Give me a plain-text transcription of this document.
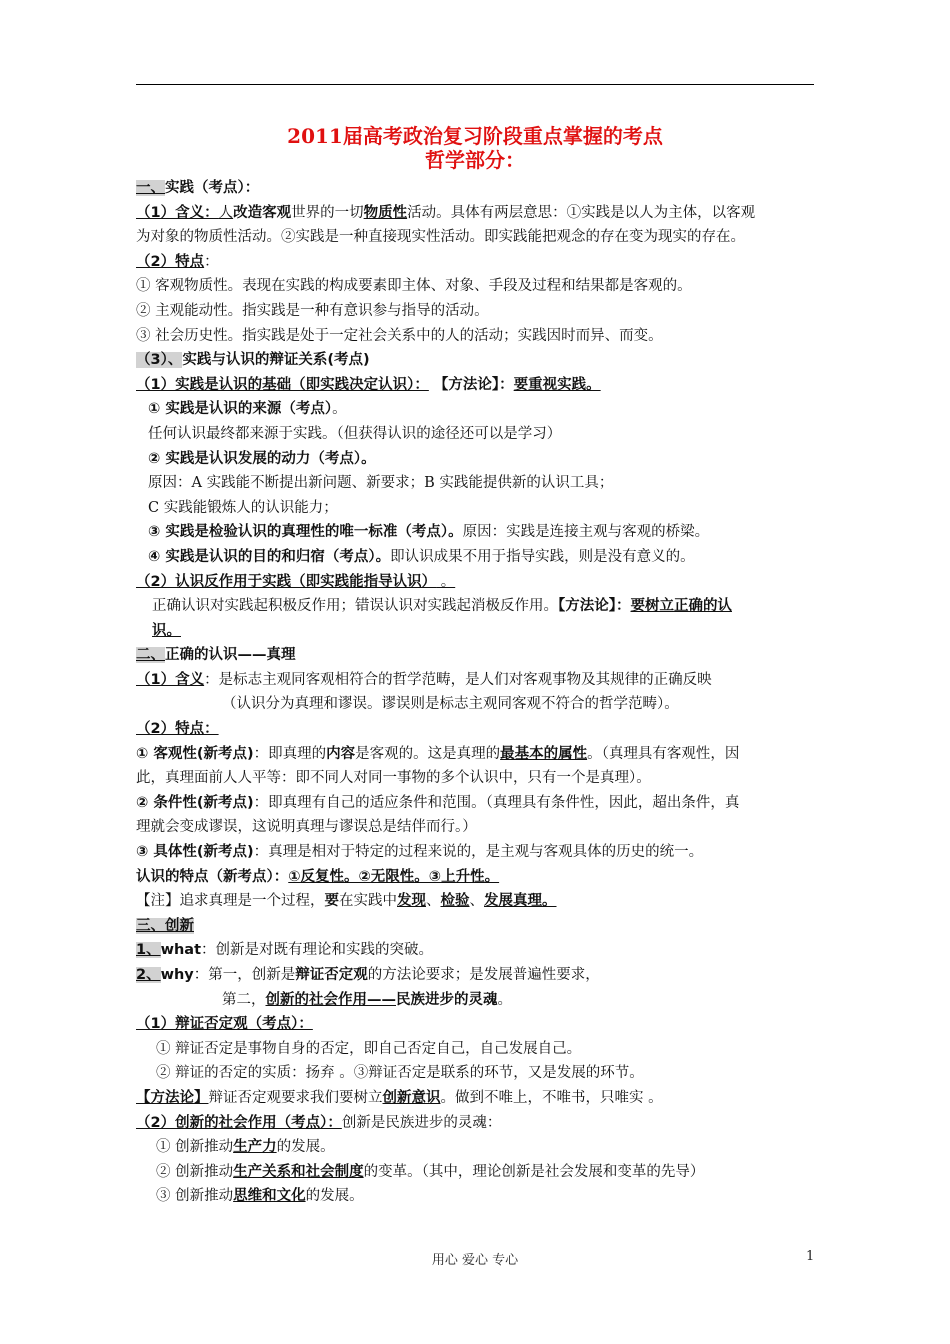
2011届高考政治复习阶段重点掌握的考点
哲学部分：
一、实践（考点）：
（1）含义：人改造客观世界的一切物质性活动。具体有两层意思：①实践是以人为主体，以客观
为对象的物质性活动。②实践是一种直接现实性活动。即实践能把观念的存在变为现实的存在。
（2）特点：
① 客观物质性。表现在实践的构成要素即主体、对象、手段及过程和结果都是客观的。
② 主观能动性。指实践是一种有意识参与指导的活动。
③ 社会历史性。指实践是处于一定社会关系中的人的活动；实践因时而异、而变。
（3）、实践与认识的辩证关系(考点)
（1）实践是认识的基础（即实践决定认识）： 【方法论】：要重视实践。
① 实践是认识的来源（考点）。
任何认识最终都来源于实践。（但获得认识的途径还可以是学习）
② 实践是认识发展的动力（考点）。
原因：A 实践能不断提出新问题、新要求；B 实践能提供新的认识工具；
C 实践能锻炼人的认识能力；
③ 实践是检验认识的真理性的唯一标准（考点）。原因：实践是连接主观与客观的桥梁。
④ 实践是认识的目的和归宿（考点）。即认识成果不用于指导实践，则是没有意义的。
（2）认识反作用于实践（即实践能指导认识） 。
正确认识对实践起积极反作用；错误认识对实践起消极反作用。【方法论】：要树立正确的认
识。
二、正确的认识——真理
（1）含义：是标志主观同客观相符合的哲学范畴，是人们对客观事物及其规律的正确反映
（认识分为真理和谬误。谬误则是标志主观同客观不符合的哲学范畴）。
（2）特点：
① 客观性(新考点)：即真理的内容是客观的。这是真理的最基本的属性。（真理具有客观性，因
此，真理面前人人平等：即不同人对同一事物的多个认识中，只有一个是真理）。
② 条件性(新考点)：即真理有自己的适应条件和范围。（真理具有条件性，因此，超出条件，真
理就会变成谬误，这说明真理与谬误总是结伴而行。）
③ 具体性(新考点)：真理是相对于特定的过程来说的，是主观与客观具体的历史的统一。
认识的特点（新考点）：①反复性。②无限性。③上升性。
【注】追求真理是一个过程，要在实践中发现、检验、发展真理。
三、创新
1、what：创新是对既有理论和实践的突破。
2、why：第一，创新是辩证否定观的方法论要求；是发展普遍性要求，
第二，创新的社会作用——民族进步的灵魂。
（1）辩证否定观（考点）：
① 辩证否定是事物自身的否定，即自己否定自己，自己发展自己。
② 辩证的否定的实质：扬弃 。③辩证否定是联系的环节，又是发展的环节。
【方法论】辩证否定观要求我们要树立创新意识。做到不唯上，不唯书，只唯实 。
（2）创新的社会作用（考点）：创新是民族进步的灵魂：
① 创新推动生产力的发展。
② 创新推动生产关系和社会制度的变革。（其中，理论创新是社会发展和变革的先导）
③ 创新推动思维和文化的发展。
用心 爱心 专心	1
